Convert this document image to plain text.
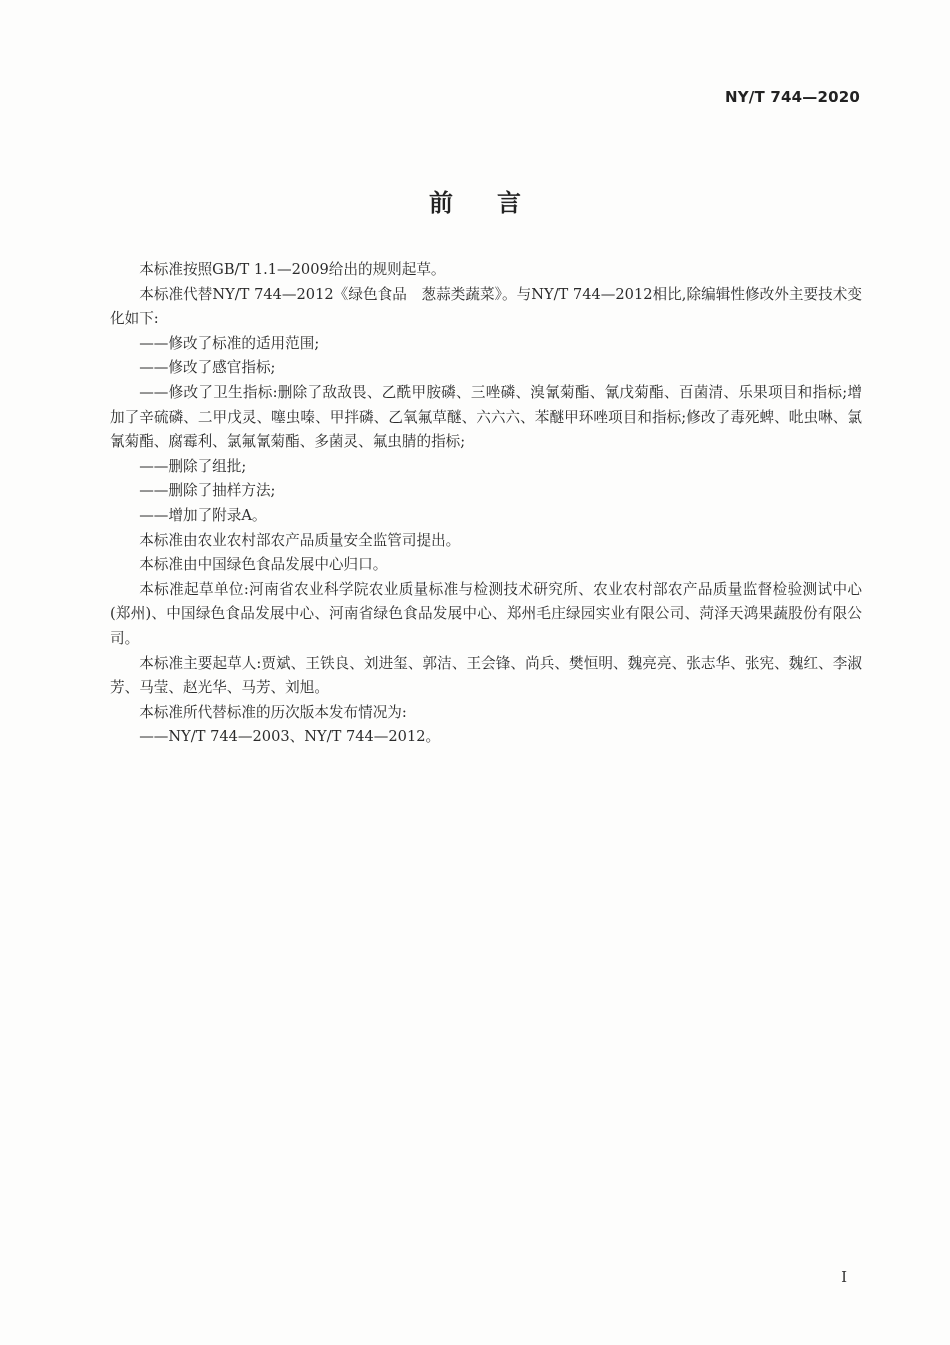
NY/T 744—2020
前言

本标准按照GB/T 1.1—2009给出的规则起草。

本标准代替NY/T 744—2012《绿色食品　葱蒜类蔬菜》。与NY/T 744—2012相比,除编辑性修改外主要技术变化如下:

——修改了标准的适用范围;

——修改了感官指标;

——修改了卫生指标:删除了敌敌畏、乙酰甲胺磷、三唑磷、溴氰菊酯、氰戊菊酯、百菌清、乐果项目和指标;增加了辛硫磷、二甲戊灵、噻虫嗪、甲拌磷、乙氧氟草醚、六六六、苯醚甲环唑项目和指标;修改了毒死蜱、吡虫啉、氯氰菊酯、腐霉利、氯氟氰菊酯、多菌灵、氟虫腈的指标;

——删除了组批;

——删除了抽样方法;

——增加了附录A。

本标准由农业农村部农产品质量安全监管司提出。

本标准由中国绿色食品发展中心归口。

本标准起草单位:河南省农业科学院农业质量标准与检测技术研究所、农业农村部农产品质量监督检验测试中心(郑州)、中国绿色食品发展中心、河南省绿色食品发展中心、郑州毛庄绿园实业有限公司、菏泽天鸿果蔬股份有限公司。

本标准主要起草人:贾斌、王铁良、刘进玺、郭洁、王会锋、尚兵、樊恒明、魏亮亮、张志华、张宪、魏红、李淑芳、马莹、赵光华、马芳、刘旭。

本标准所代替标准的历次版本发布情况为:

——NY/T 744—2003、NY/T 744—2012。

I
